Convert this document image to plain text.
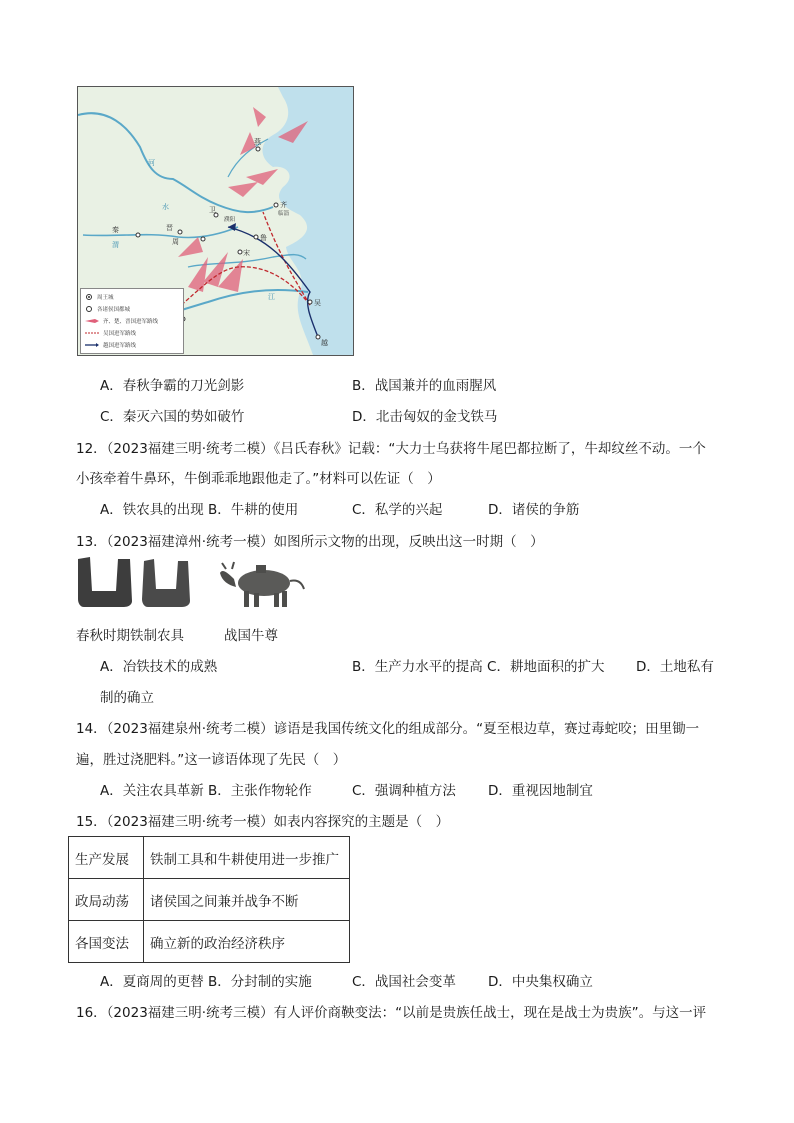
河
水
渭
江
燕
齐
临淄
卫
濮阳
晋
秦
周	鲁
宋
吴
越
周王城
各诸侯国都城
齐、楚、晋国进军路线
吴国进军路线
越国进军路线
A．春秋争霸的刀光剑影	B．战国兼并的血雨腥风
C．秦灭六国的势如破竹	D．北击匈奴的金戈铁马
12．（2023福建三明·统考二模）《吕氏春秋》记载：“大力士乌获将牛尾巴都拉断了，牛却纹丝不动。一个
小孩牵着牛鼻环，牛倒乖乖地跟他走了。”材料可以佐证（　）
A．铁农具的出现 B．牛耕的使用	C．私学的兴起	D．诸侯的争筋
13．（2023福建漳州·统考一模）如图所示文物的出现，反映出这一时期（　）
春秋时期铁制农具	战国牛尊
A．冶铁技术的成熟	B．生产力水平的提高 C．耕地面积的扩大 D．土地私有
制的确立
14．（2023福建泉州·统考二模）谚语是我国传统文化的组成部分。“夏至根边草，赛过毒蛇咬；田里锄一
遍，胜过浇肥料。”这一谚语体现了先民（　）
A．关注农具革新 B．主张作物轮作	C．强调种植方法 D．重视因地制宜
15．（2023福建三明·统考一模）如表内容探究的主题是（　）
生产发展	铁制工具和牛耕使用进一步推广
政局动荡	诸侯国之间兼并战争不断
各国变法	确立新的政治经济秩序
A．夏商周的更替 B．分封制的实施	C．战国社会变革 D．中央集权确立
16．（2023福建三明·统考三模）有人评价商鞅变法：“以前是贵族任战士，现在是战士为贵族”。与这一评
